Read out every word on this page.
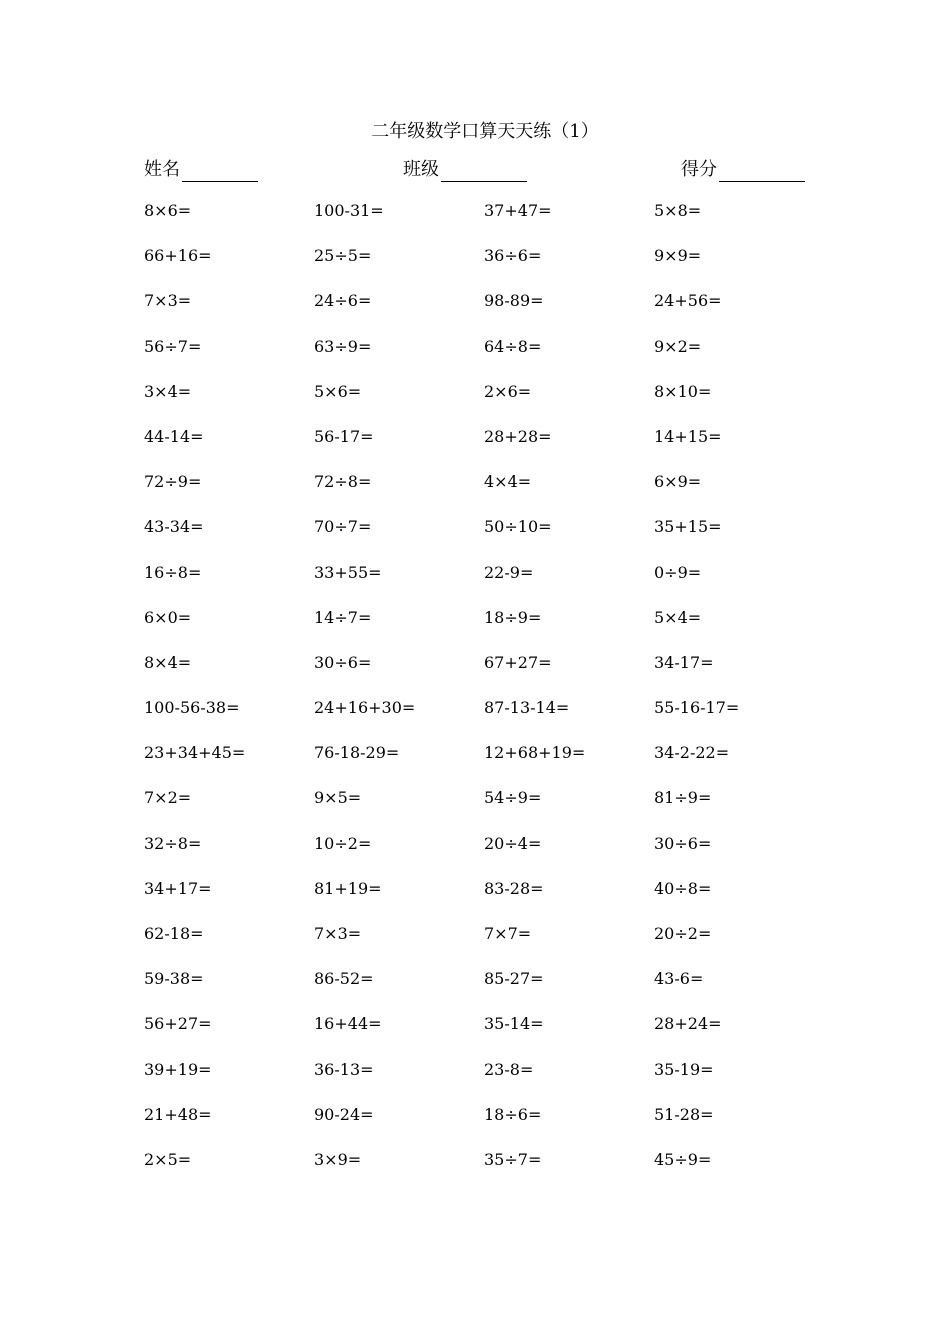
二年级数学口算天天练（1）
姓名	班级	得分
8×6=	100-31=	37+47=	5×8=
66+16=	25÷5=	36÷6=	9×9=
7×3=	24÷6=	98-89=	24+56=
56÷7=	63÷9=	64÷8=	9×2=
3×4=	5×6=	2×6=	8×10=
44-14=	56-17=	28+28=	14+15=
72÷9=	72÷8=	4×4=	6×9=
43-34=	70÷7=	50÷10=	35+15=
16÷8=	33+55=	22-9=	0÷9=
6×0=	14÷7=	18÷9=	5×4=
8×4=	30÷6=	67+27=	34-17=
100-56-38=	24+16+30=	87-13-14=	55-16-17=
23+34+45=	76-18-29=	12+68+19=	34-2-22=
7×2=	9×5=	54÷9=	81÷9=
32÷8=	10÷2=	20÷4=	30÷6=
34+17=	81+19=	83-28=	40÷8=
62-18=	7×3=	7×7=	20÷2=
59-38=	86-52=	85-27=	43-6=
56+27=	16+44=	35-14=	28+24=
39+19=	36-13=	23-8=	35-19=
21+48=	90-24=	18÷6=	51-28=
2×5=	3×9=	35÷7=	45÷9=
